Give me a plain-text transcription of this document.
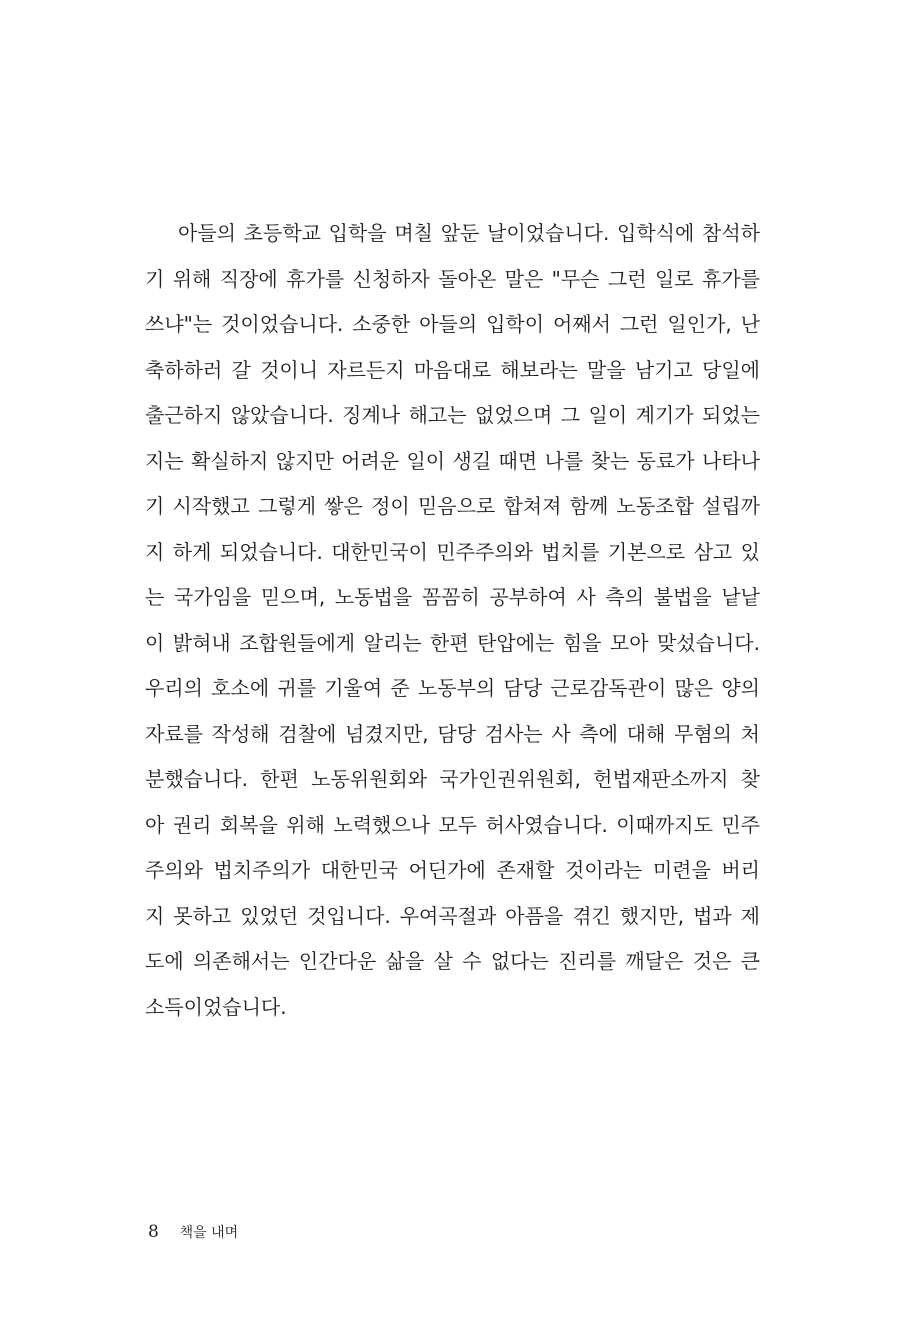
아들의 초등학교 입학을 며칠 앞둔 날이었습니다. 입학식에 참석하
기 위해 직장에 휴가를 신청하자 돌아온 말은 "무슨 그런 일로 휴가를
쓰냐"는 것이었습니다. 소중한 아들의 입학이 어째서 그런 일인가, 난
축하하러 갈 것이니 자르든지 마음대로 해보라는 말을 남기고 당일에
출근하지 않았습니다. 징계나 해고는 없었으며 그 일이 계기가 되었는
지는 확실하지 않지만 어려운 일이 생길 때면 나를 찾는 동료가 나타나
기 시작했고 그렇게 쌓은 정이 믿음으로 합쳐져 함께 노동조합 설립까
지 하게 되었습니다. 대한민국이 민주주의와 법치를 기본으로 삼고 있
는 국가임을 믿으며, 노동법을 꼼꼼히 공부하여 사 측의 불법을 낱낱
이 밝혀내 조합원들에게 알리는 한편 탄압에는 힘을 모아 맞섰습니다.
우리의 호소에 귀를 기울여 준 노동부의 담당 근로감독관이 많은 양의
자료를 작성해 검찰에 넘겼지만, 담당 검사는 사 측에 대해 무혐의 처
분했습니다. 한편 노동위원회와 국가인권위원회, 헌법재판소까지 찾
아 권리 회복을 위해 노력했으나 모두 허사였습니다. 이때까지도 민주
주의와 법치주의가 대한민국 어딘가에 존재할 것이라는 미련을 버리
지 못하고 있었던 것입니다. 우여곡절과 아픔을 겪긴 했지만, 법과 제
도에 의존해서는 인간다운 삶을 살 수 없다는 진리를 깨달은 것은 큰
소득이었습니다.
8 책을 내며
